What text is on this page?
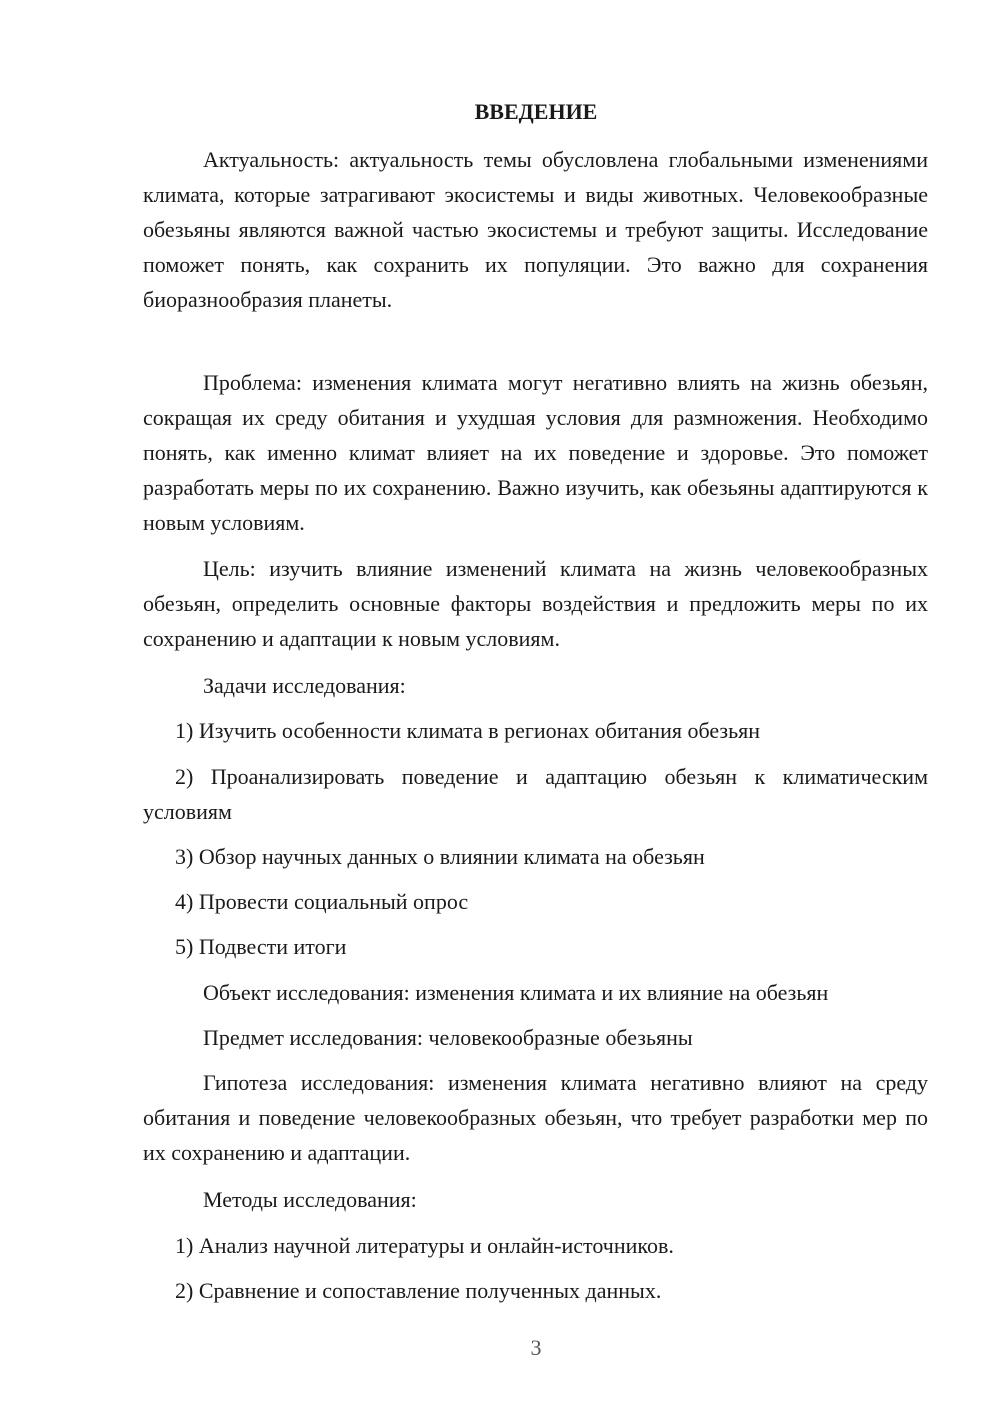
ВВЕДЕНИЕ

Актуальность: актуальность темы обусловлена глобальными изменениями климата, которые затрагивают экосистемы и виды животных. Человекообразные обезьяны являются важной частью экосистемы и требуют защиты. Исследование поможет понять, как сохранить их популяции. Это важно для сохранения биоразнообразия планеты.

Проблема: изменения климата могут негативно влиять на жизнь обезьян, сокращая их среду обитания и ухудшая условия для размножения. Необходимо понять, как именно климат влияет на их поведение и здоровье. Это поможет разработать меры по их сохранению. Важно изучить, как обезьяны адаптируются к новым условиям.

Цель: изучить влияние изменений климата на жизнь человекообразных обезьян, определить основные факторы воздействия и предложить меры по их сохранению и адаптации к новым условиям.

Задачи исследования:

1) Изучить особенности климата в регионах обитания обезьян

2) Проанализировать поведение и адаптацию обезьян к климатическим условиям

3) Обзор научных данных о влиянии климата на обезьян

4) Провести социальный опрос

5) Подвести итоги

Объект исследования: изменения климата и их влияние на обезьян

Предмет исследования: человекообразные обезьяны

Гипотеза исследования: изменения климата негативно влияют на среду обитания и поведение человекообразных обезьян, что требует разработки мер по их сохранению и адаптации.

Методы исследования:

1) Анализ научной литературы и онлайн-источников.

2) Сравнение и сопоставление полученных данных.

3
